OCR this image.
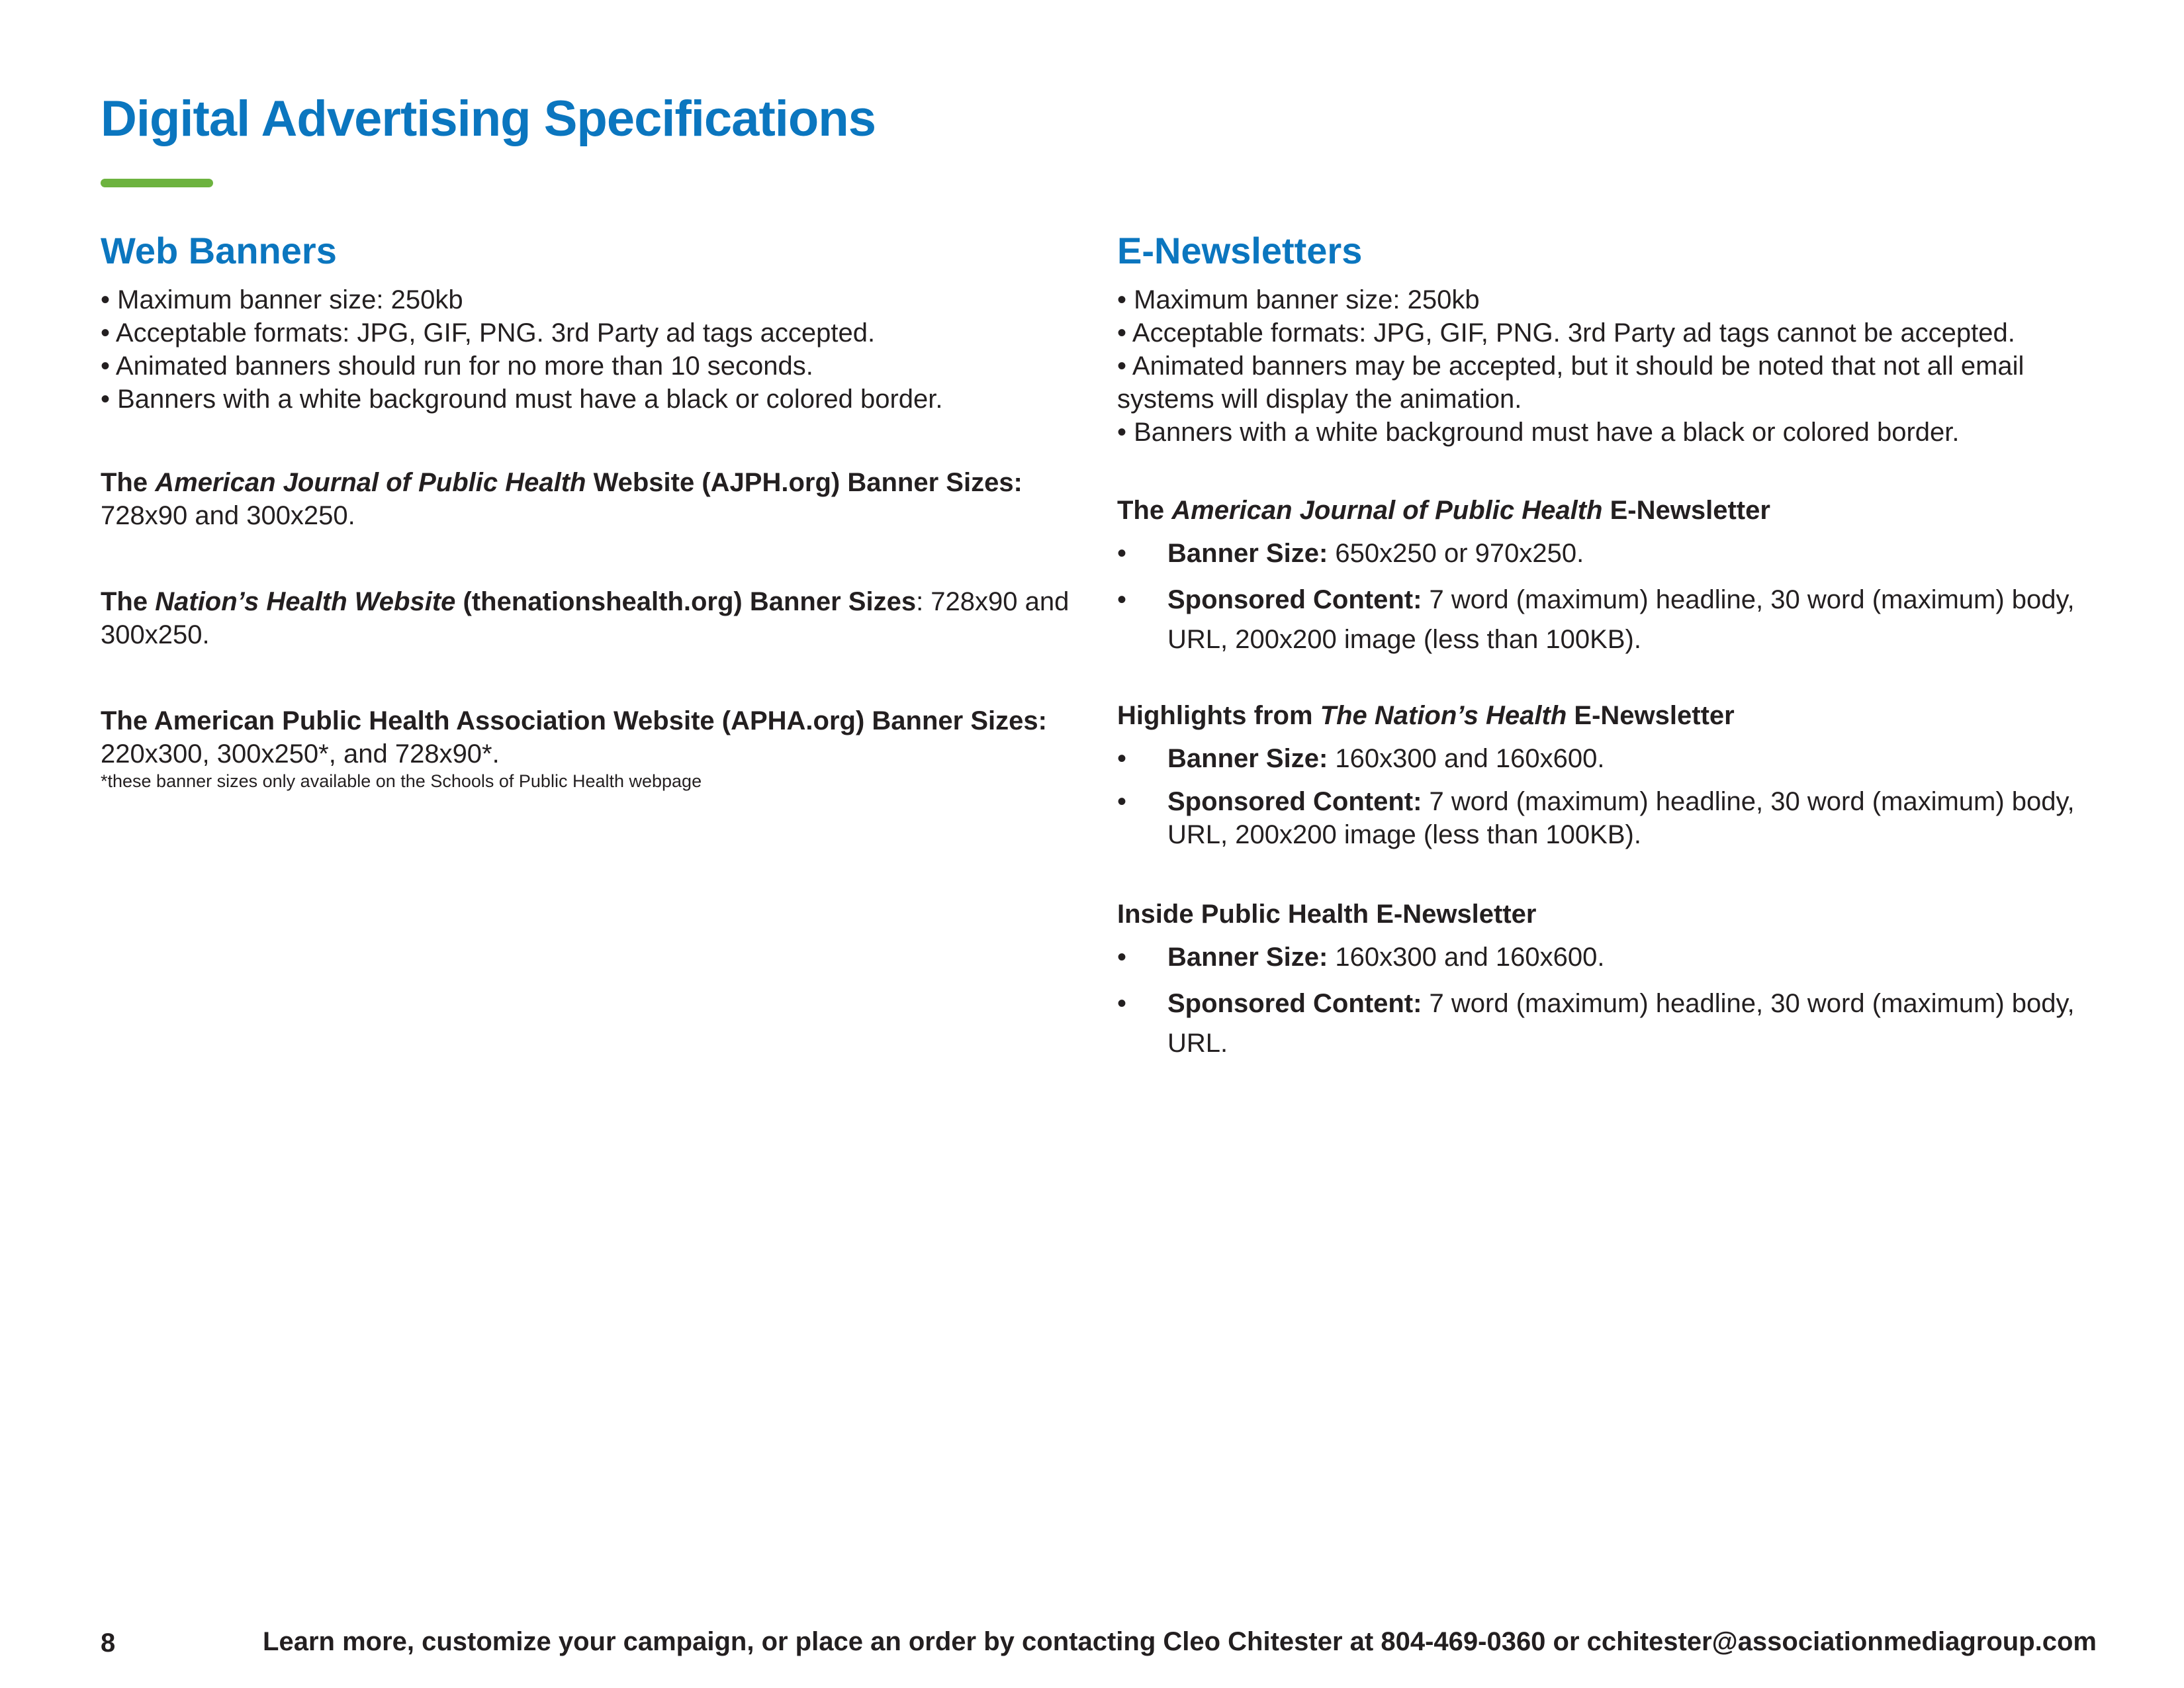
Digital Advertising Specifications
Web Banners
• Maximum banner size: 250kb
• Acceptable formats: JPG, GIF, PNG. 3rd Party ad tags accepted.
• Animated banners should run for no more than 10 seconds.
• Banners with a white background must have a black or colored border.

The American Journal of Public Health Website (AJPH.org) Banner Sizes: 728x90 and 300x250.

The Nation’s Health Website (thenationshealth.org) Banner Sizes: 728x90 and 300x250.

The American Public Health Association Website (APHA.org) Banner Sizes:

220x300, 300x250*, and 728x90*.

*these banner sizes only available on the Schools of Public Health webpage

E-Newsletters
• Maximum banner size: 250kb
• Acceptable formats: JPG, GIF, PNG. 3rd Party ad tags cannot be accepted.
• Animated banners may be accepted, but it should be noted that not all email systems will display the animation.
• Banners with a white background must have a black or colored border.

The American Journal of Public Health E-Newsletter

• Banner Size: 650x250 or 970x250.
• Sponsored Content: 7 word (maximum) headline, 30 word (maximum) body, URL, 200x200 image (less than 100KB).

Highlights from The Nation’s Health E-Newsletter

• Banner Size: 160x300 and 160x600.
• Sponsored Content: 7 word (maximum) headline, 30 word (maximum) body, URL, 200x200 image (less than 100KB).

Inside Public Health E-Newsletter

• Banner Size: 160x300 and 160x600.
• Sponsored Content: 7 word (maximum) headline, 30 word (maximum) body, URL.
8	Learn more, customize your campaign, or place an order by contacting Cleo Chitester at 804-469-0360 or cchitester@associationmediagroup.com
